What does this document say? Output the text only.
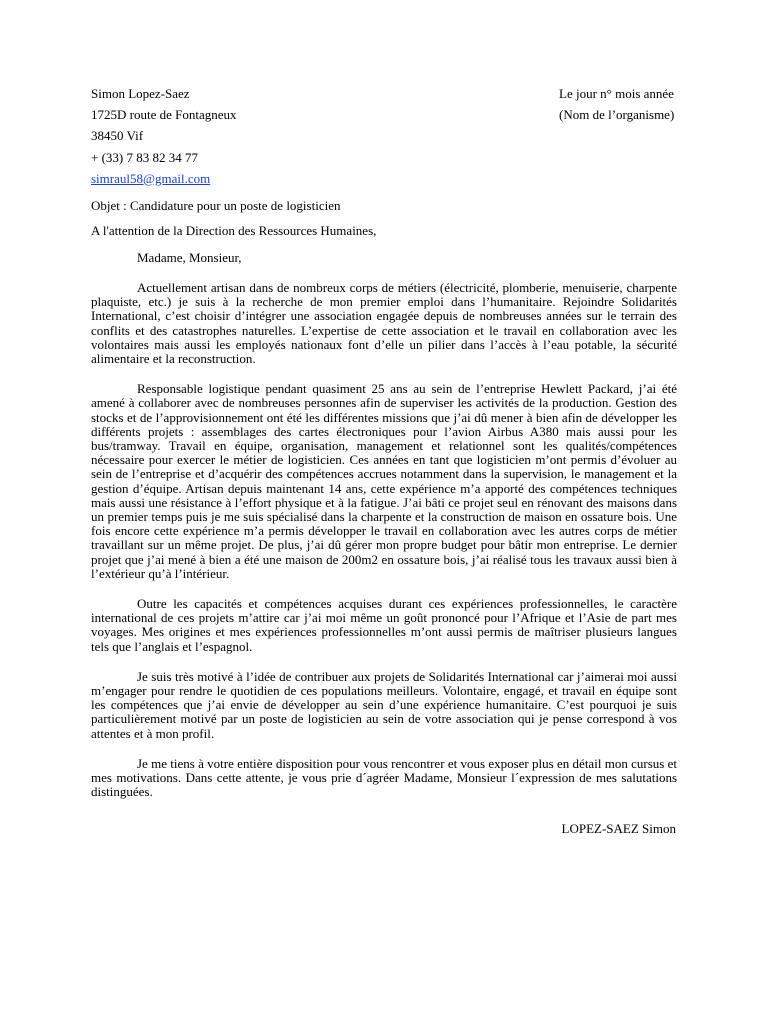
Simon Lopez-Saez	Le jour n° mois année
1725D route de Fontagneux	(Nom de l’organisme)
38450 Vif
+ (33) 7 83 82 34 77
simraul58@gmail.com
Objet : Candidature pour un poste de logisticien
A l'attention de la Direction des Ressources Humaines,
Madame, Monsieur,

Actuellement artisan dans de nombreux corps de métiers (électricité, plomberie, menuiserie, charpente plaquiste, etc.) je suis à la recherche de mon premier emploi dans l’humanitaire. Rejoindre Solidarités International, c’est choisir d’intégrer une association engagée depuis de nombreuses années sur le terrain des conflits et des catastrophes naturelles. L’expertise de cette association et le travail en collaboration avec les volontaires mais aussi les employés nationaux font d’elle un pilier dans l’accès à l’eau potable, la sécurité alimentaire et la reconstruction.

Responsable logistique pendant quasiment 25 ans au sein de l’entreprise Hewlett Packard, j’ai été amené à collaborer avec de nombreuses personnes afin de superviser les activités de la production. Gestion des stocks et de l’approvisionnement ont été les différentes missions que j’ai dû mener à bien afin de développer les différents projets : assemblages des cartes électroniques pour l’avion Airbus A380 mais aussi pour les bus/tramway. Travail en équipe, organisation, management et relationnel sont les qualités/compétences nécessaire pour exercer le métier de logisticien. Ces années en tant que logisticien m’ont permis d’évoluer au sein de l’entreprise et d’acquérir des compétences accrues notamment dans la supervision, le management et la gestion d’équipe. Artisan depuis maintenant 14 ans, cette expérience m’a apporté des compétences techniques mais aussi une résistance à l’effort physique et à la fatigue. J’ai bâti ce projet seul en rénovant des maisons dans un premier temps puis je me suis spécialisé dans la charpente et la construction de maison en ossature bois. Une fois encore cette expérience m’a permis développer le travail en collaboration avec les autres corps de métier travaillant sur un même projet. De plus, j’ai dû gérer mon propre budget pour bâtir mon entreprise. Le dernier projet que j’ai mené à bien a été une maison de 200m2 en ossature bois, j’ai réalisé tous les travaux aussi bien à l’extérieur qu’à l’intérieur.

Outre les capacités et compétences acquises durant ces expériences professionnelles, le caractère international de ces projets m’attire car j’ai moi même un goût prononcé pour l’Afrique et l’Asie de part mes voyages. Mes origines et mes expériences professionnelles m’ont aussi permis de maîtriser plusieurs langues tels que l’anglais et l’espagnol.

Je suis très motivé à l’idée de contribuer aux projets de Solidarités International car j’aimerai moi aussi m’engager pour rendre le quotidien de ces populations meilleurs. Volontaire, engagé, et travail en équipe sont les compétences que j’ai envie de développer au sein d’une expérience humanitaire. C’est pourquoi je suis particulièrement motivé par un poste de logisticien au sein de votre association qui je pense correspond à vos attentes et à mon profil.

Je me tiens à votre entière disposition pour vous rencontrer et vous exposer plus en détail mon cursus et mes motivations. Dans cette attente, je vous prie d´agréer Madame, Monsieur l´expression de mes salutations distinguées.

LOPEZ-SAEZ Simon
